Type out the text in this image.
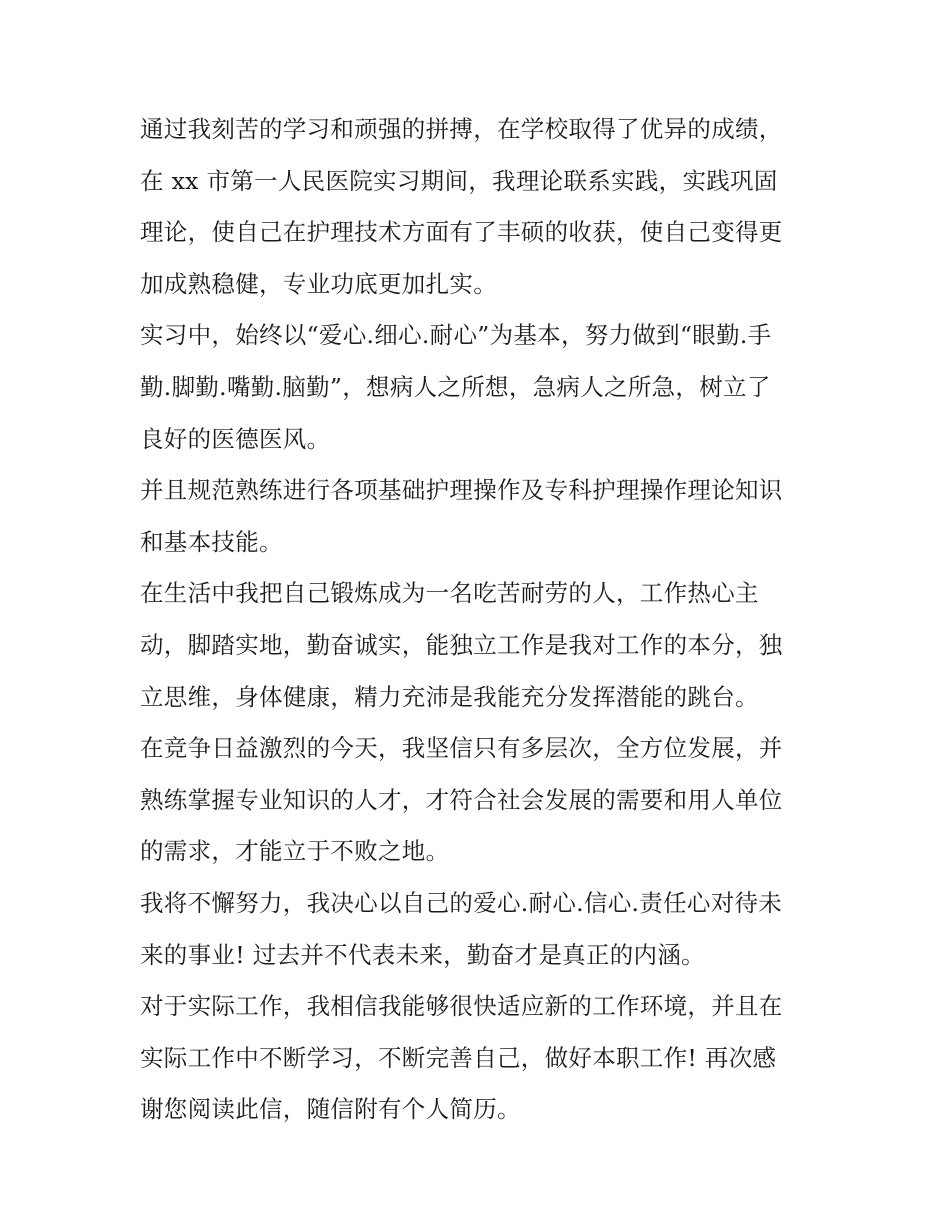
通过我刻苦的学习和顽强的拼搏，在学校取得了优异的成绩，
在 xx 市第一人民医院实习期间，我理论联系实践，实践巩固
理论，使自己在护理技术方面有了丰硕的收获，使自己变得更
加成熟稳健，专业功底更加扎实。
实习中，始终以“爱心.细心.耐心”为基本，努力做到“眼勤.手
勤.脚勤.嘴勤.脑勤”，想病人之所想，急病人之所急，树立了
良好的医德医风。
并且规范熟练进行各项基础护理操作及专科护理操作理论知识
和基本技能。
在生活中我把自己锻炼成为一名吃苦耐劳的人，工作热心主
动，脚踏实地，勤奋诚实，能独立工作是我对工作的本分，独
立思维，身体健康，精力充沛是我能充分发挥潜能的跳台。
在竞争日益激烈的今天，我坚信只有多层次，全方位发展，并
熟练掌握专业知识的人才，才符合社会发展的需要和用人单位
的需求，才能立于不败之地。
我将不懈努力，我决心以自己的爱心.耐心.信心.责任心对待未
来的事业! 过去并不代表未来，勤奋才是真正的内涵。
对于实际工作，我相信我能够很快适应新的工作环境，并且在
实际工作中不断学习，不断完善自己，做好本职工作! 再次感
谢您阅读此信，随信附有个人简历。
